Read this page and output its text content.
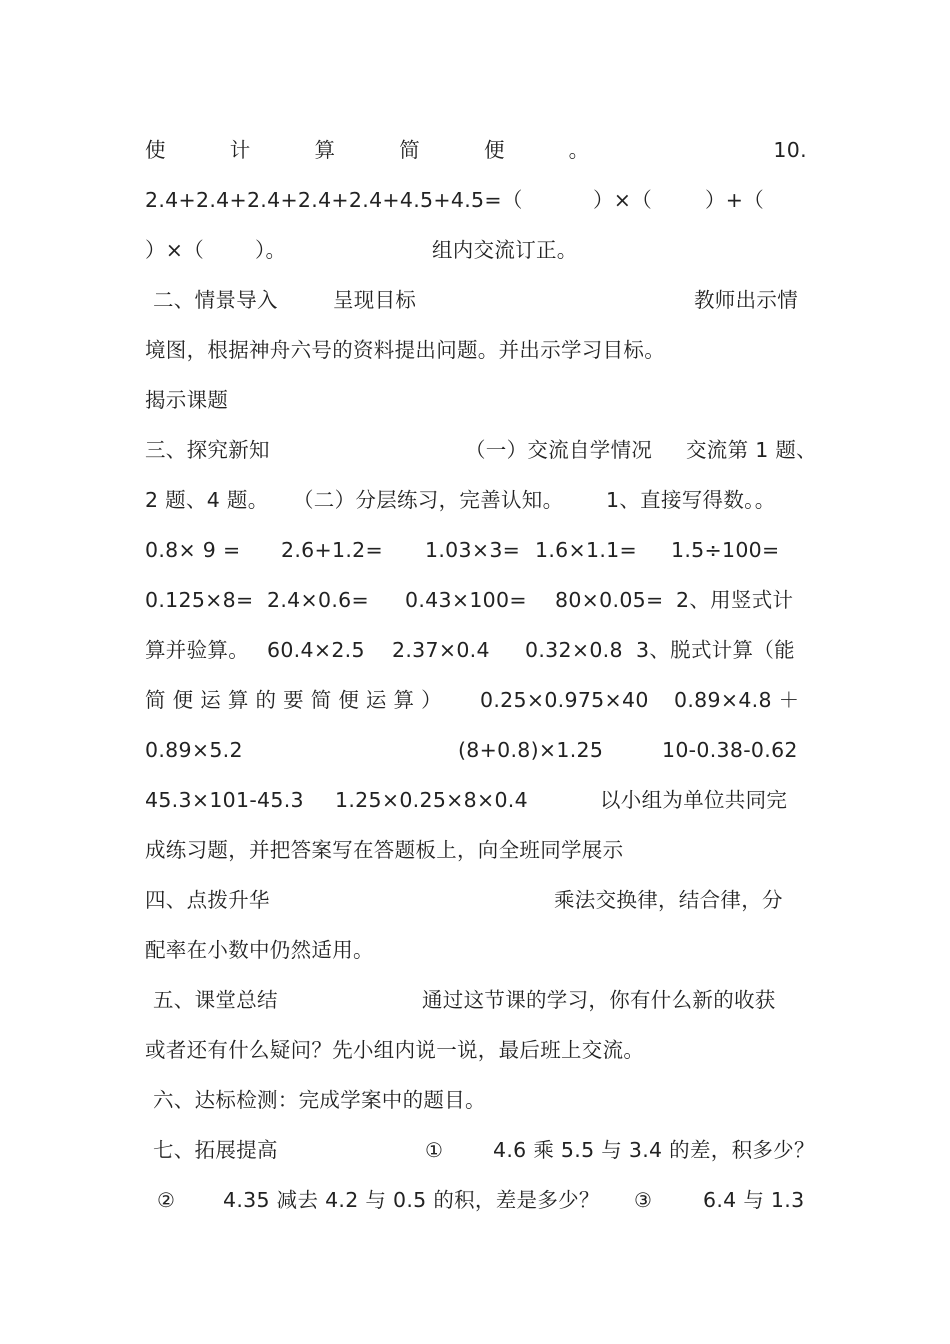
使	计	算	简	便	。	10.
2.4+2.4+2.4+2.4+2.4+4.5+4.5=（	）×（	）+（
）×（ ）。	组内交流订正。
二、情景导入	呈现目标	教师出示情
境图，根据神舟六号的资料提出问题。并出示学习目标。
揭示课题
三、探究新知	（一）交流自学情况 交流第 1 题、
2 题、4 题。 （二）分层练习，完善认知。 1、直接写得数。。
0.8× 9 = 2.6+1.2= 1.03×3= 1.6×1.1= 1.5÷100=
0.125×8= 2.4×0.6= 0.43×100= 80×0.05= 2、用竖式计
算并验算。 60.4×2.5 2.37×0.4 0.32×0.8 3、脱式计算（能
简 便 运 算 的 要 简 便 运 算 ） 0.25×0.975×40 0.89×4.8 ＋
0.89×5.2	(8+0.8)×1.25	10-0.38-0.62
45.3×101-45.3 1.25×0.25×8×0.4	以小组为单位共同完
成练习题，并把答案写在答题板上，向全班同学展示
四、点拨升华	乘法交换律，结合律，分
配率在小数中仍然适用。
五、课堂总结	通过这节课的学习，你有什么新的收获
或者还有什么疑问？先小组内说一说，最后班上交流。
六、达标检测：完成学案中的题目。
七、拓展提高	① 4.6 乘 5.5 与 3.4 的差，积多少？
② 4.35 减去 4.2 与 0.5 的积，差是多少？ ③ 6.4 与 1.3
